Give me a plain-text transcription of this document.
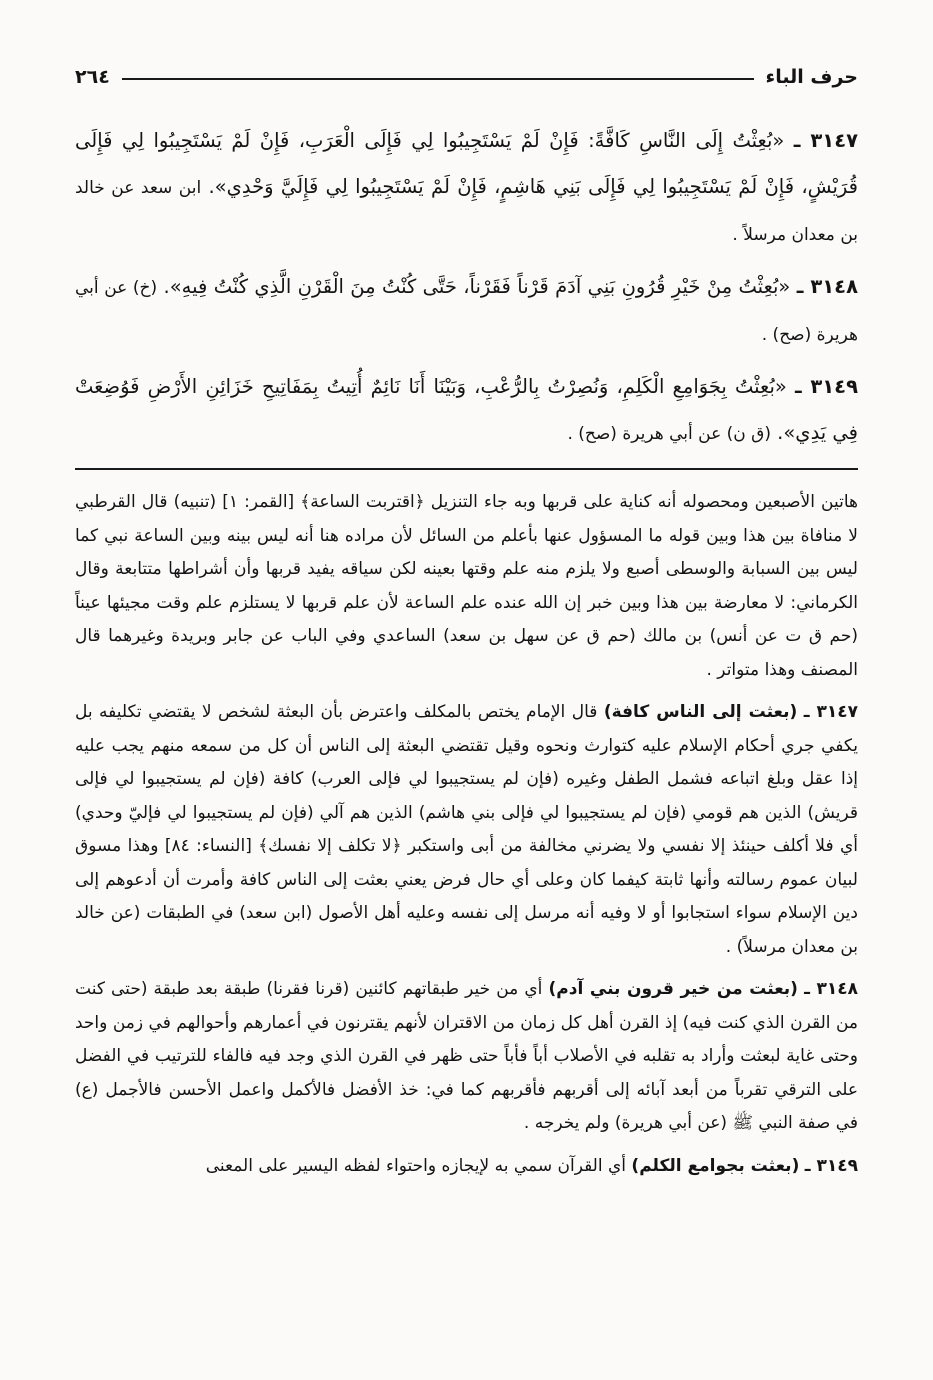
حرف الباء
٢٦٤

٣١٤٧ ـ «بُعِثْتُ إِلَى النَّاسِ كَافَّةً: فَإِنْ لَمْ يَسْتَجِيبُوا لِي فَإِلَى الْعَرَبِ، فَإِنْ لَمْ يَسْتَجِيبُوا لِي فَإِلَى قُرَيْشٍ، فَإِنْ لَمْ يَسْتَجِيبُوا لِي فَإِلَى بَنِي هَاشِمٍ، فَإِنْ لَمْ يَسْتَجِيبُوا لِي فَإِلَيَّ وَحْدِي». ابن سعد عن خالد بن معدان مرسلاً .

٣١٤٨ ـ «بُعِثْتُ مِنْ خَيْرِ قُرُونِ بَنِي آدَمَ قَرْناً فَقَرْناً، حَتَّى كُنْتُ مِنَ الْقَرْنِ الَّذِي كُنْتُ فِيهِ». (خ) عن أبي هريرة (صح) .

٣١٤٩ ـ «بُعِثْتُ بِجَوَامِعِ الْكَلِمِ، وَنُصِرْتُ بِالرُّعْبِ، وَبَيْنَا أَنَا نَائِمٌ أُتِيتُ بِمَفَاتِيحِ خَزَائِنِ الأَرْضِ فَوُضِعَتْ فِي يَدِي». (ق ن) عن أبي هريرة (صح) .

هاتين الأصبعين ومحصوله أنه كناية على قربها وبه جاء التنزيل ﴿اقتربت الساعة﴾ [القمر: ١] (تنبيه) قال القرطبي لا منافاة بين هذا وبين قوله ما المسؤول عنها بأعلم من السائل لأن مراده هنا أنه ليس بينه وبين الساعة نبي كما ليس بين السبابة والوسطى أصبع ولا يلزم منه علم وقتها بعينه لكن سياقه يفيد قربها وأن أشراطها متتابعة وقال الكرماني: لا معارضة بين هذا وبين خبر إن الله عنده علم الساعة لأن علم قربها لا يستلزم علم وقت مجيئها عيناً (حم ق ت عن أنس) بن مالك (حم ق عن سهل بن سعد) الساعدي وفي الباب عن جابر وبريدة وغيرهما قال المصنف وهذا متواتر .

٣١٤٧ ـ (بعثت إلى الناس كافة) قال الإمام يختص بالمكلف واعترض بأن البعثة لشخص لا يقتضي تكليفه بل يكفي جري أحكام الإسلام عليه كتوارث ونحوه وقيل تقتضي البعثة إلى الناس أن كل من سمعه منهم يجب عليه إذا عقل وبلغ اتباعه فشمل الطفل وغيره (فإن لم يستجيبوا لي فإلى العرب) كافة (فإن لم يستجيبوا لي فإلى قريش) الذين هم قومي (فإن لم يستجيبوا لي فإلى بني هاشم) الذين هم آلي (فإن لم يستجيبوا لي فإليّ وحدي) أي فلا أكلف حينئذ إلا نفسي ولا يضرني مخالفة من أبى واستكبر ﴿لا تكلف إلا نفسك﴾ [النساء: ٨٤] وهذا مسوق لبيان عموم رسالته وأنها ثابتة كيفما كان وعلى أي حال فرض يعني بعثت إلى الناس كافة وأمرت أن أدعوهم إلى دين الإسلام سواء استجابوا أو لا وفيه أنه مرسل إلى نفسه وعليه أهل الأصول (ابن سعد) في الطبقات (عن خالد بن معدان مرسلاً) .

٣١٤٨ ـ (بعثت من خير قرون بني آدم) أي من خير طبقاتهم كائنين (قرنا فقرنا) طبقة بعد طبقة (حتى كنت من القرن الذي كنت فيه) إذ القرن أهل كل زمان من الاقتران لأنهم يقترنون في أعمارهم وأحوالهم في زمن واحد وحتى غاية لبعثت وأراد به تقلبه في الأصلاب أباً فأباً حتى ظهر في القرن الذي وجد فيه فالفاء للترتيب في الفضل على الترقي تقرباً من أبعد آبائه إلى أقربهم فأقربهم كما في: خذ الأفضل فالأكمل واعمل الأحسن فالأجمل (ع) في صفة النبي ﷺ (عن أبي هريرة) ولم يخرجه .

٣١٤٩ ـ (بعثت بجوامع الكلم) أي القرآن سمي به لإيجازه واحتواء لفظه اليسير على المعنى
